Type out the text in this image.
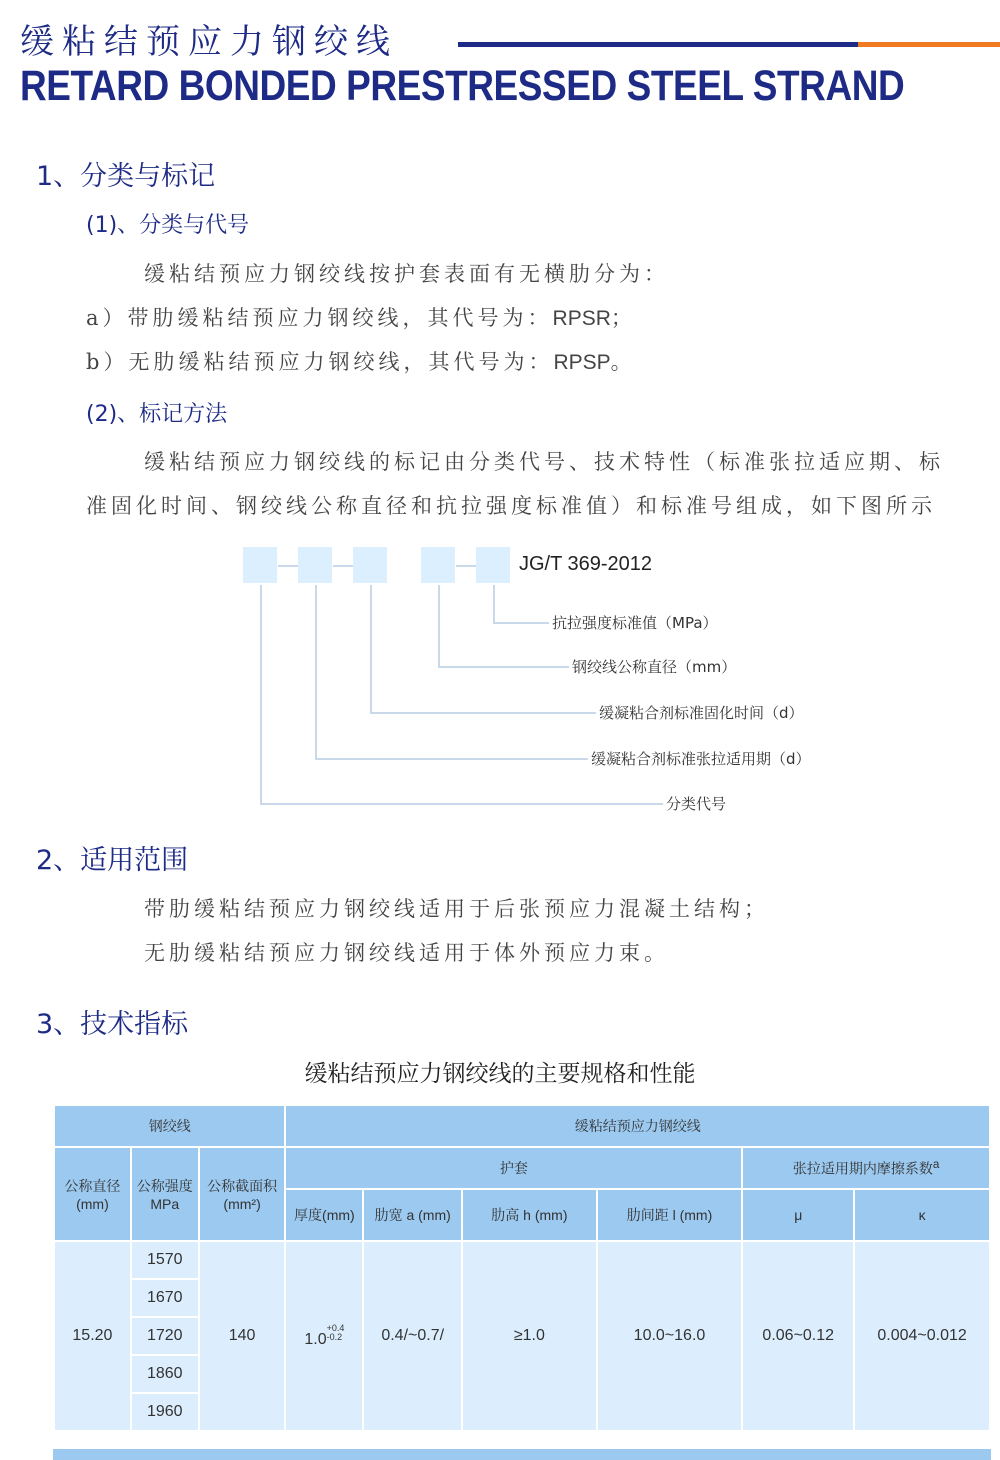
缓粘结预应力钢绞线
RETARD BONDED PRESTRESSED STEEL STRAND
1、分类与标记
(1)、分类与代号
缓粘结预应力钢绞线按护套表面有无横肋分为：
a）带肋缓粘结预应力钢绞线，其代号为：RPSR；
b）无肋缓粘结预应力钢绞线，其代号为：RPSP。
(2)、标记方法
缓粘结预应力钢绞线的标记由分类代号、技术特性（标准张拉适应期、标
准固化时间、钢绞线公称直径和抗拉强度标准值）和标准号组成，如下图所示
JG/T 369-2012
抗拉强度标准值（MPa）
钢绞线公称直径（mm）
缓凝粘合剂标准固化时间（d）
缓凝粘合剂标准张拉适用期（d）
分类代号
2、适用范围
带肋缓粘结预应力钢绞线适用于后张预应力混凝土结构；
无肋缓粘结预应力钢绞线适用于体外预应力束。
3、技术指标
缓粘结预应力钢绞线的主要规格和性能
钢绞线			缓粘结预应力钢绞线					
公称直径(mm)	公称强度MPa	公称截面积(mm²)	护套				张拉适用期内摩擦系数$^a$
			厚度(mm)	肋宽 a (mm)	肋高 h (mm)	肋间距 l (mm)	μ	κ
15.20	1570	140	$1.0^{+0.4 -0.2}$	0.4/~0.7/	≥1.0	10.0~16.0	0.06~0.12	0.004~0.012
	1670							
	1720							
	1860							
	1960							
